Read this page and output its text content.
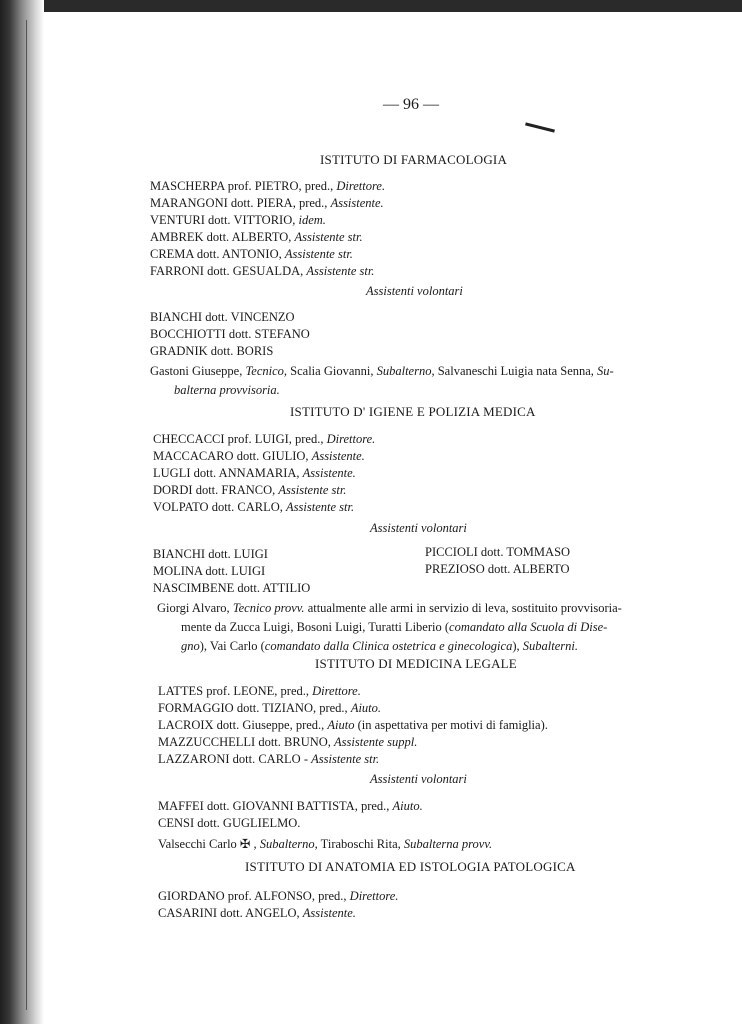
— 96 —
ISTITUTO DI FARMACOLOGIA
MASCHERPA prof. PIETRO, pred., Direttore.
MARANGONI dott. PIERA, pred., Assistente.
VENTURI dott. VITTORIO, idem.
AMBREK dott. ALBERTO, Assistente str.
CREMA dott. ANTONIO, Assistente str.
FARRONI dott. GESUALDA, Assistente str.
Assistenti volontari
BIANCHI dott. VINCENZO
BOCCHIOTTI dott. STEFANO
GRADNIK dott. BORIS
Gastoni Giuseppe, Tecnico, Scalia Giovanni, Subalterno, Salvaneschi Luigia nata Senna, Su-
balterna provvisoria.
ISTITUTO D' IGIENE E POLIZIA MEDICA
CHECCACCI prof. LUIGI, pred., Direttore.
MACCACARO dott. GIULIO, Assistente.
LUGLI dott. ANNAMARIA, Assistente.
DORDI dott. FRANCO, Assistente str.
VOLPATO dott. CARLO, Assistente str.
Assistenti volontari
BIANCHI dott. LUIGI
MOLINA dott. LUIGI
NASCIMBENE dott. ATTILIO
PICCIOLI dott. TOMMASO
PREZIOSO dott. ALBERTO
Giorgi Alvaro, Tecnico provv. attualmente alle armi in servizio di leva, sostituito provvisoria-
mente da Zucca Luigi, Bosoni Luigi, Turatti Liberio (comandato alla Scuola di Dise-
gno), Vai Carlo (comandato dalla Clinica ostetrica e ginecologica), Subalterni.
ISTITUTO DI MEDICINA LEGALE
LATTES prof. LEONE, pred., Direttore.
FORMAGGIO dott. TIZIANO, pred., Aiuto.
LACROIX dott. Giuseppe, pred., Aiuto (in aspettativa per motivi di famiglia).
MAZZUCCHELLI dott. BRUNO, Assistente suppl.
LAZZARONI dott. CARLO - Assistente str.
Assistenti volontari
MAFFEI dott. GIOVANNI BATTISTA, pred., Aiuto.
CENSI dott. GUGLIELMO.
Valsecchi Carlo ✠ , Subalterno, Tiraboschi Rita, Subalterna provv.
ISTITUTO DI ANATOMIA ED ISTOLOGIA PATOLOGICA
GIORDANO prof. ALFONSO, pred., Direttore.
CASARINI dott. ANGELO, Assistente.
